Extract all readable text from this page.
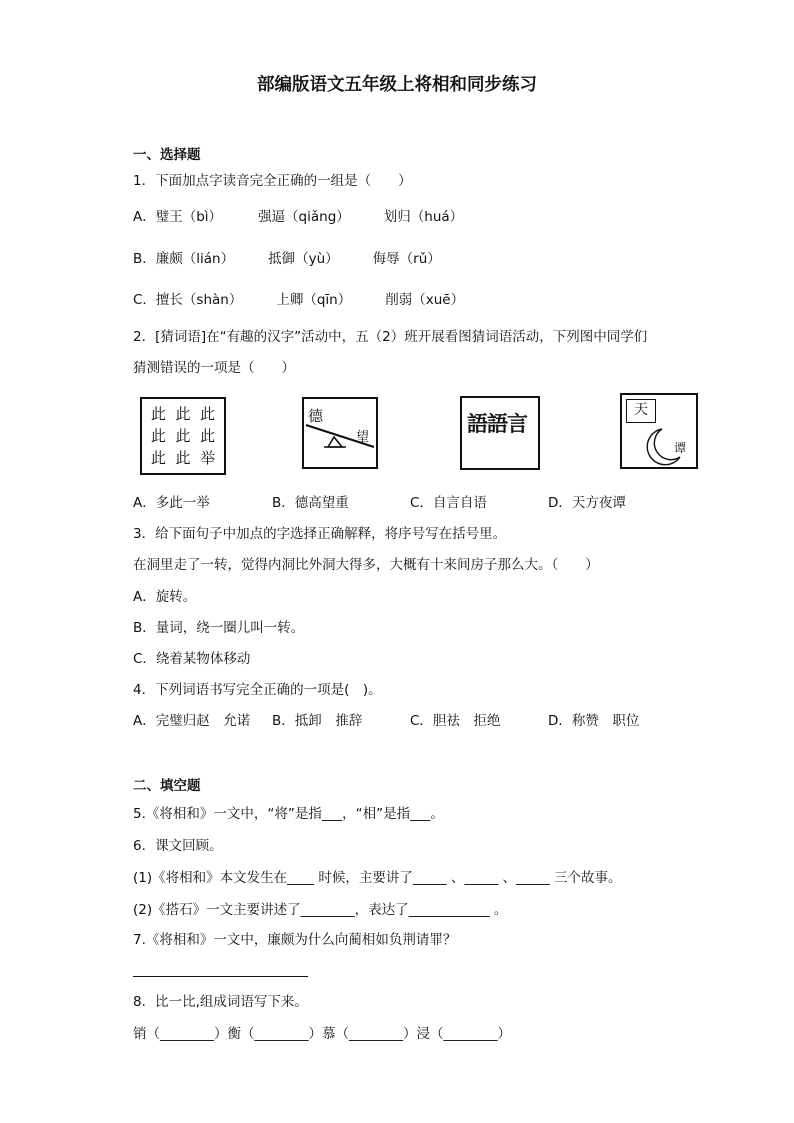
部编版语文五年级上将相和同步练习
一、选择题
1．下面加点字读音完全正确的一组是（　　）
A．璧王（bì）	强逼（qiǎng）	划归（huá）
B．廉颇（lián）	抵御（yù）	侮辱（rǔ）
C．擅长（shàn）	上卿（qīn）	削弱（xuē）
2．[猜词语]在“有趣的汉字”活动中，五（2）班开展看图猜词语活动，下列图中同学们
猜测错误的一项是（　　）
此 此 此
此 此 此
此 此 举
德
望
語語言
天
谭
A．多此一举	B．德高望重	C．自言自语	D．天方夜谭
3．给下面句子中加点的字选择正确解释，将序号写在括号里。
在洞里走了一转，觉得内洞比外洞大得多，大概有十来间房子那么大。（　　）
A．旋转。
B．量词，绕一圈儿叫一转。
C．绕着某物体移动
4．下列词语书写完全正确的一项是(　)。
A．完璧归赵　允诺 B．抵卸　推辞	C．胆祛　拒绝	D．称赞　职位
二、填空题
5.《将相和》一文中，“将”是指___，“相”是指___。
6．课文回顾。
(1)《将相和》本文发生在____ 时候，主要讲了_____ 、_____ 、_____ 三个故事。
(2)《搭石》一文主要讲述了________，表达了____________ 。
7.《将相和》一文中，廉颇为什么向蔺相如负荆请罪？
8．比一比,组成词语写下来。
销（________）衡（________）慕（________）浸（________）
